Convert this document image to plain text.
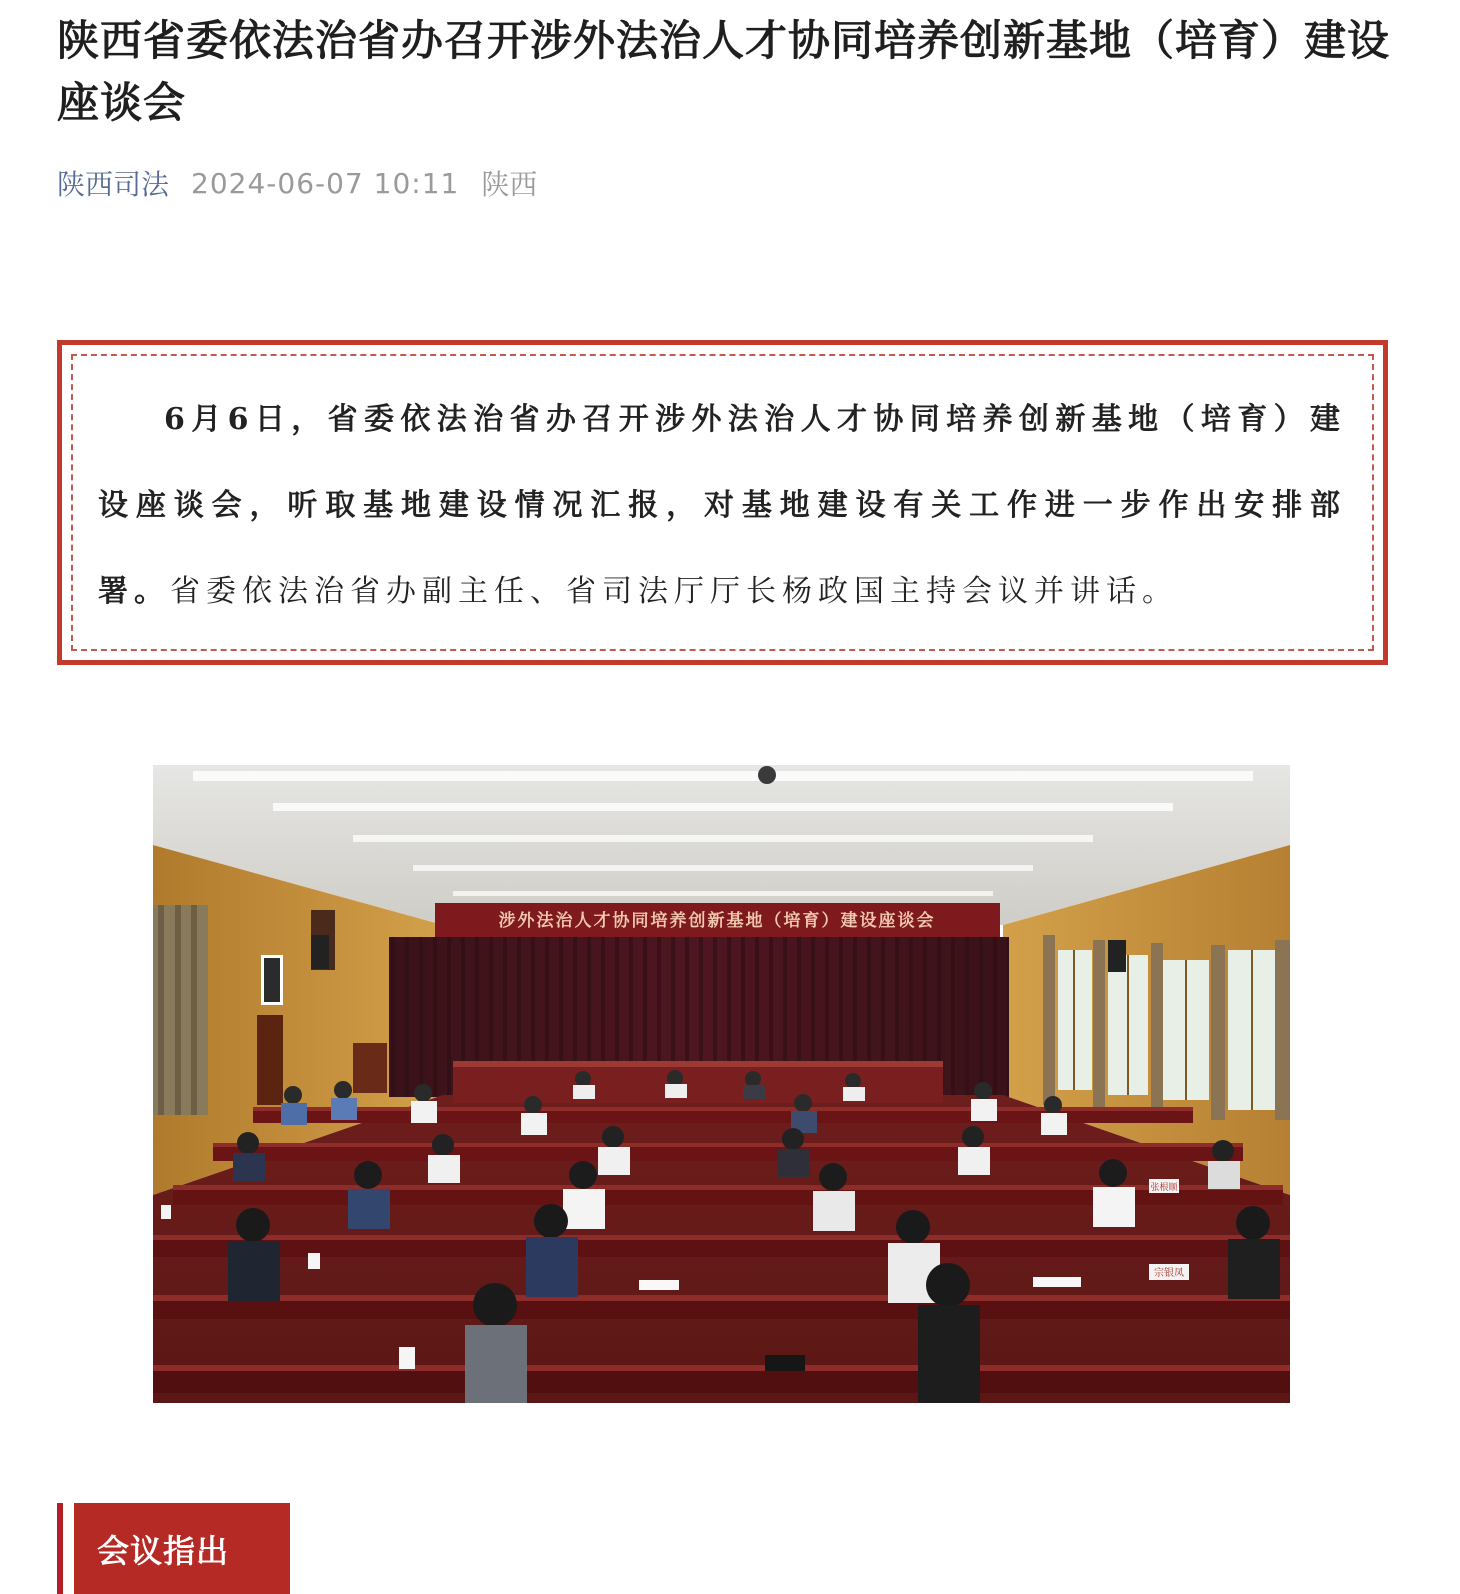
陕西省委依法治省办召开涉外法治人才协同培养创新基地（培育）建设座谈会
陕西司法 2024-06-07 10:11 陕西

6月6日，省委依法治省办召开涉外法治人才协同培养创新基地（培育）建设座谈会，听取基地建设情况汇报，对基地建设有关工作进一步作出安排部署。省委依法治省办副主任、省司法厅厅长杨政国主持会议并讲话。

涉外法治人才协同培养创新基地（培育）建设座谈会
张根顺
宗银凤
会议指出
